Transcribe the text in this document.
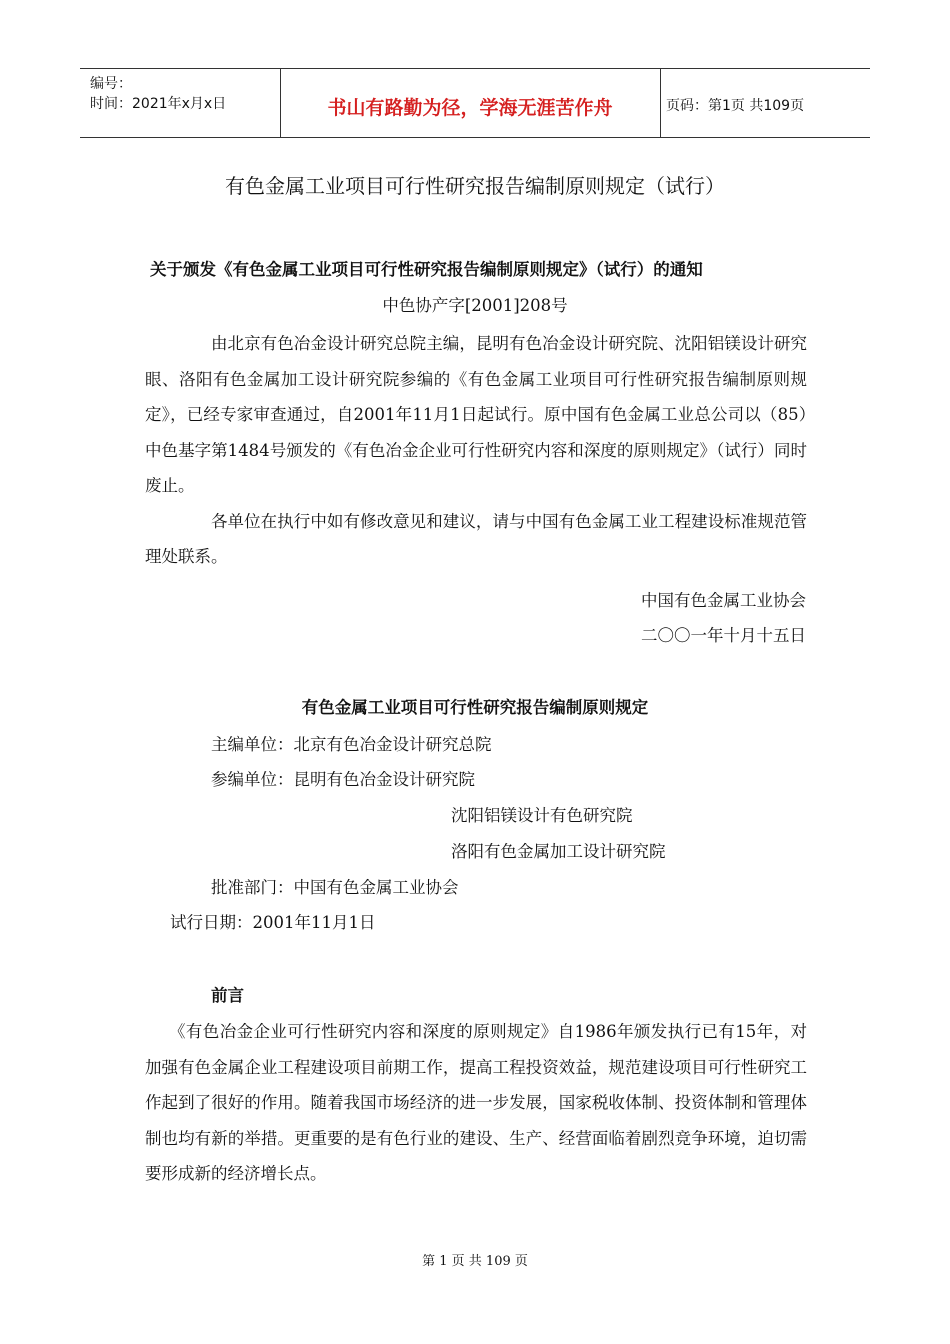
编号：
时间：2021年x月x日	书山有路勤为径，学海无涯苦作舟	页码：第1页 共109页
有色金属工业项目可行性研究报告编制原则规定（试行）
关于颁发《有色金属工业项目可行性研究报告编制原则规定》（试行）的通知
中色协产字[2001]208号

由北京有色冶金设计研究总院主编，昆明有色冶金设计研究院、沈阳铝镁设计研究眼、洛阳有色金属加工设计研究院参编的《有色金属工业项目可行性研究报告编制原则规定》，已经专家审查通过，自2001年11月1日起试行。原中国有色金属工业总公司以（85）中色基字第1484号颁发的《有色冶金企业可行性研究内容和深度的原则规定》（试行）同时废止。

各单位在执行中如有修改意见和建议，请与中国有色金属工业工程建设标准规范管理处联系。

中国有色金属工业协会
二〇〇一年十月十五日
有色金属工业项目可行性研究报告编制原则规定
主编单位：北京有色冶金设计研究总院
参编单位：昆明有色冶金设计研究院
沈阳铝镁设计有色研究院
洛阳有色金属加工设计研究院
批准部门：中国有色金属工业协会
试行日期：2001年11月1日
前言

《有色冶金企业可行性研究内容和深度的原则规定》自1986年颁发执行已有15年，对加强有色金属企业工程建设项目前期工作，提高工程投资效益，规范建设项目可行性研究工作起到了很好的作用。随着我国市场经济的进一步发展，国家税收体制、投资体制和管理体制也均有新的举措。更重要的是有色行业的建设、生产、经营面临着剧烈竞争环境，迫切需要形成新的经济增长点。

第 1 页 共 109 页
